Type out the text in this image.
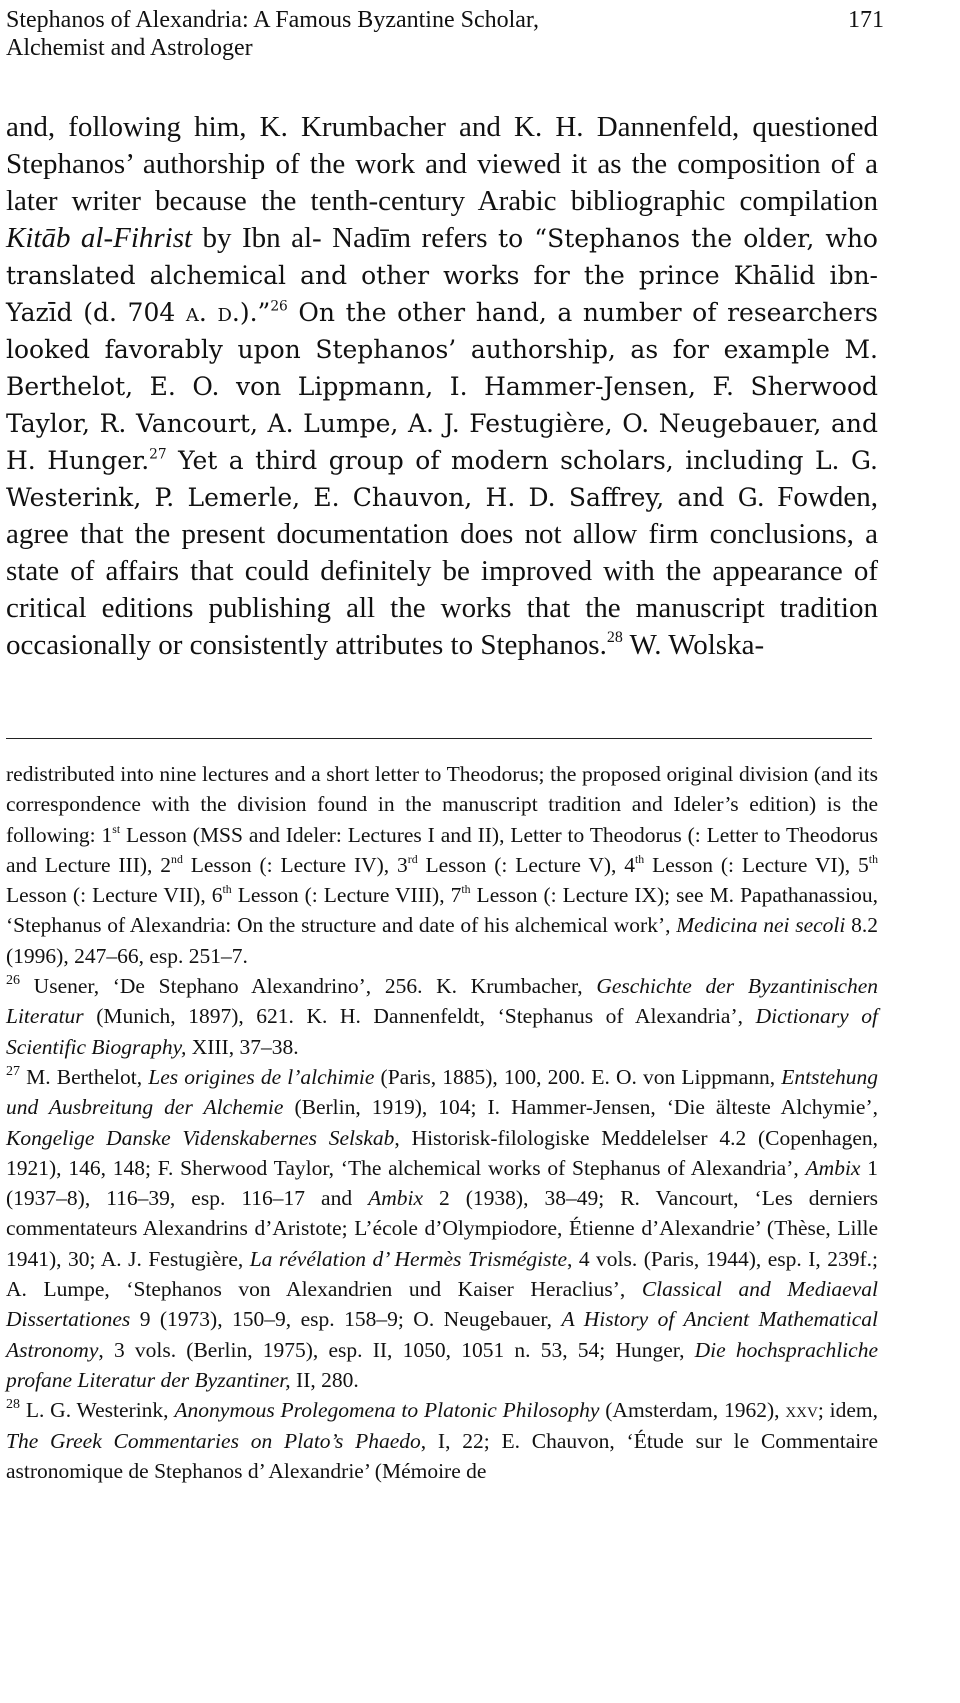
Stephanos of Alexandria: A Famous Byzantine Scholar,
Alchemist and Astrologer
171
and, following him, K. Krumbacher and K. H. Dannenfeld, questioned Stephanos’ authorship of the work and viewed it as the composition of a later writer because the tenth-century Arabic bibliographic compilation Kitāb al-Fihrist by Ibn al- Nadīm refers to “Stephanos the older, who translated alchemical and other works for the prince Khālid ibn-Yazīd (d. 704 a. d.).”$^{26}$ On the other hand, a number of researchers looked favorably upon Stephanos’ authorship, as for example M. Berthelot, E. O. von Lippmann, I. Hammer-Jensen, F. Sherwood Taylor, R. Vancourt, A. Lumpe, A. J. Festugière, O. Neugebauer, and H. Hunger.$^{27}$ Yet a third group of modern scholars, including L. G. Westerink, P. Lemerle, E. Chauvon, H. D. Saffrey, and G. Fowden, agree that the present documentation does not allow firm conclusions, a state of affairs that could definitely be improved with the appearance of critical editions publishing all the works that the manuscript tradition occasionally or consistently attributes to Stephanos.$^{28}$ W. Wolska-

redistributed into nine lectures and a short letter to Theodorus; the proposed original division (and its correspondence with the division found in the manuscript tradition and Ideler’s edition) is the following: 1st Lesson (MSS and Ideler: Lectures I and II), Letter to Theodorus (: Letter to Theodorus and Lecture III), 2nd Lesson (: Lecture IV), 3rd Lesson (: Lecture V), 4th Lesson (: Lecture VI), 5th Lesson (: Lecture VII), 6th Lesson (: Lecture VIII), 7th Lesson (: Lecture IX); see M. Papathanassiou, ‘Stephanus of Alexandria: On the structure and date of his alchemical work’, Medicina nei secoli 8.2 (1996), 247–66, esp. 251–7.

$^{26}$ Usener, ‘De Stephano Alexandrino’, 256. K. Krumbacher, Geschichte der Byzantinischen Literatur (Munich, 1897), 621. K. H. Dannenfeldt, ‘Stephanus of Alexandria’, Dictionary of Scientific Biography, XIII, 37–38.

$^{27}$ M. Berthelot, Les origines de l’alchimie (Paris, 1885), 100, 200. E. O. von Lippmann, Entstehung und Ausbreitung der Alchemie (Berlin, 1919), 104; I. Hammer-Jensen, ‘Die älteste Alchymie’, Kongelige Danske Videnskabernes Selskab, Historisk-filologiske Meddelelser 4.2 (Copenhagen, 1921), 146, 148; F. Sherwood Taylor, ‘The alchemical works of Stephanus of Alexandria’, Ambix 1 (1937–8), 116–39, esp. 116–17 and Ambix 2 (1938), 38–49; R. Vancourt, ‘Les derniers commentateurs Alexandrins d’Aristote; L’école d’Olympiodore, Étienne d’Alexandrie’ (Thèse, Lille 1941), 30; A. J. Festugière, La révélation d’ Hermès Trismégiste, 4 vols. (Paris, 1944), esp. I, 239f.; A. Lumpe, ‘Stephanos von Alexandrien und Kaiser Heraclius’, Classical and Mediaeval Dissertationes 9 (1973), 150–9, esp. 158–9; O. Neugebauer, A History of Ancient Mathematical Astronomy, 3 vols. (Berlin, 1975), esp. II, 1050, 1051 n. 53, 54; Hunger, Die hochsprachliche profane Literatur der Byzantiner, II, 280.

$^{28}$ L. G. Westerink, Anonymous Prolegomena to Platonic Philosophy (Amsterdam, 1962), xxv; idem, The Greek Commentaries on Plato’s Phaedo, I, 22; E. Chauvon, ‘Étude sur le Commentaire astronomique de Stephanos d’ Alexandrie’ (Mémoire de
